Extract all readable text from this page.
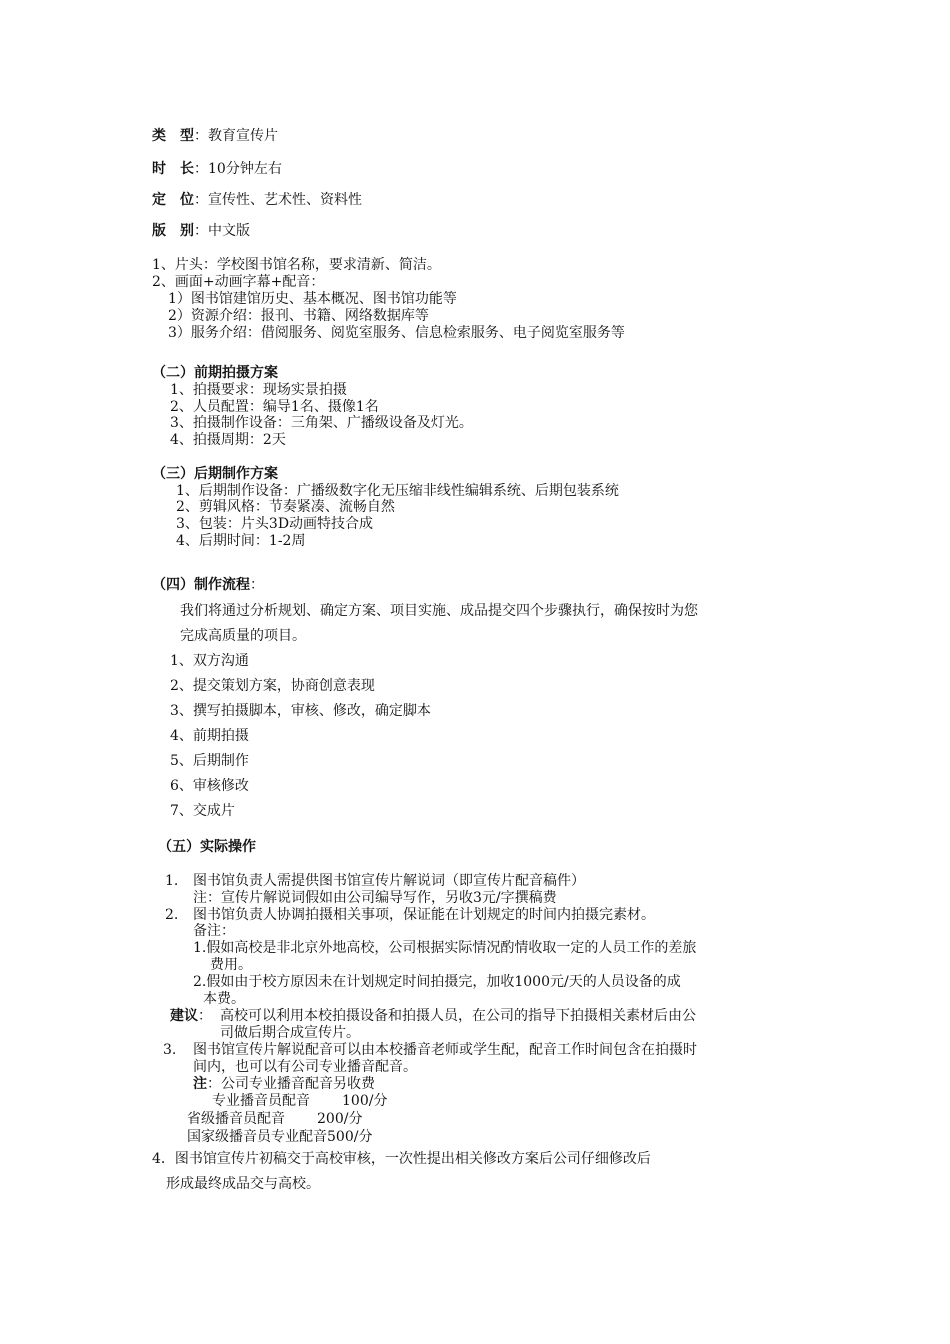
类　型：教育宣传片
时　长：10分钟左右
定　位：宣传性、艺术性、资料性
版　别：中文版
1、片头：学校图书馆名称，要求清新、简洁。
2、画面+动画字幕+配音：
1）图书馆建馆历史、基本概况、图书馆功能等
2）资源介绍：报刊、书籍、网络数据库等
3）服务介绍：借阅服务、阅览室服务、信息检索服务、电子阅览室服务等
（二）前期拍摄方案
1、拍摄要求：现场实景拍摄
2、人员配置：编导1名、摄像1名
3、拍摄制作设备：三角架、广播级设备及灯光。
4、拍摄周期：2天
（三）后期制作方案
1、后期制作设备：广播级数字化无压缩非线性编辑系统、后期包装系统
2、剪辑风格：节奏紧凑、流畅自然
3、包装：片头3D动画特技合成
4、后期时间：1-2周
（四）制作流程：
我们将通过分析规划、确定方案、项目实施、成品提交四个步骤执行，确保按时为您
完成高质量的项目。
1、双方沟通
2、提交策划方案，协商创意表现
3、撰写拍摄脚本，审核、修改，确定脚本
4、前期拍摄
5、后期制作
6、审核修改
7、交成片
（五）实际操作
1. 图书馆负责人需提供图书馆宣传片解说词（即宣传片配音稿件）
注：宣传片解说词假如由公司编导写作，另收3元/字撰稿费
2. 图书馆负责人协调拍摄相关事项，保证能在计划规定的时间内拍摄完素材。
备注：
1.假如高校是非北京外地高校，公司根据实际情况酌情收取一定的人员工作的差旅
费用。
2.假如由于校方原因未在计划规定时间拍摄完，加收1000元/天的人员设备的成
本费。
建议： 高校可以利用本校拍摄设备和拍摄人员，在公司的指导下拍摄相关素材后由公
司做后期合成宣传片。
3. 图书馆宣传片解说配音可以由本校播音老师或学生配，配音工作时间包含在拍摄时
间内，也可以有公司专业播音配音。
注：公司专业播音配音另收费
专业播音员配音 100/分
省级播音员配音 200/分
国家级播音员专业配音500/分
4．图书馆宣传片初稿交于高校审核，一次性提出相关修改方案后公司仔细修改后
形成最终成品交与高校。
